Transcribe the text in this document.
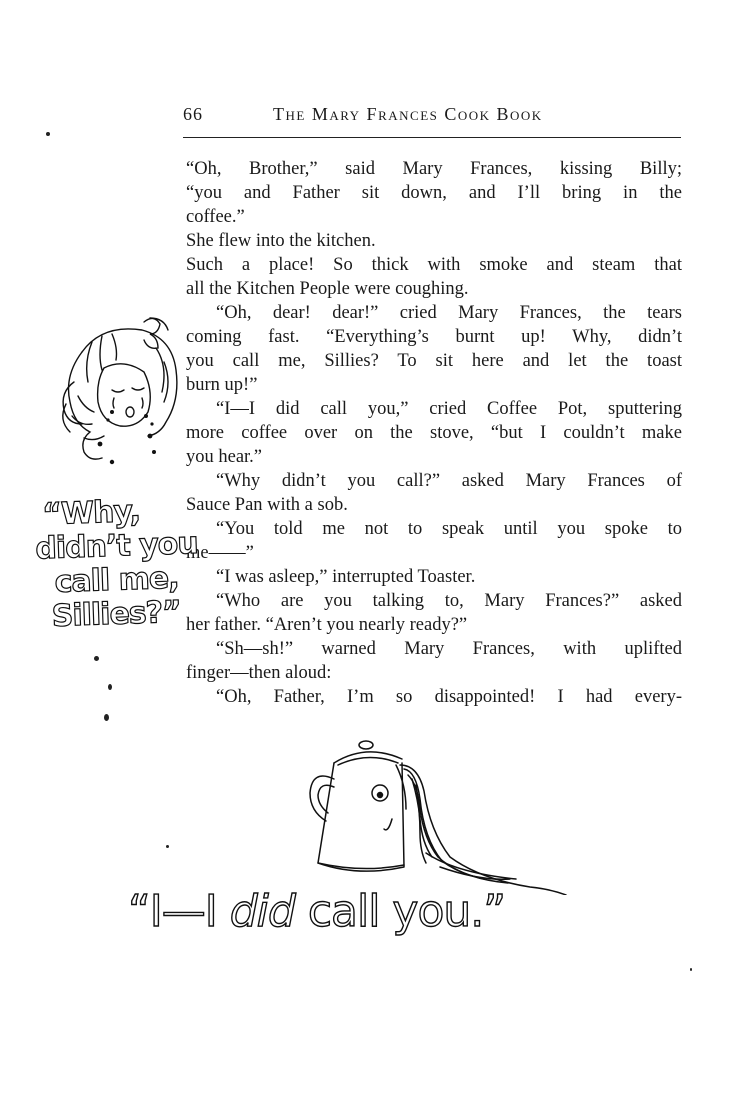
66	The Mary Frances Cook Book
“Oh, Brother,” said Mary Frances, kissing Billy;
“you and Father sit down, and I’ll bring in the
coffee.”
She flew into the kitchen.
Such a place! So thick with smoke and steam that
all the Kitchen People were coughing.
“Oh, dear! dear!” cried Mary Frances, the tears
coming fast. “Everything’s burnt up! Why, didn’t
you call me, Sillies? To sit here and let the toast
burn up!”
“I—I did call you,” cried Coffee Pot, sputtering
more coffee over on the stove, “but I couldn’t make
you hear.”
“Why didn’t you call?” asked Mary Frances of
Sauce Pan with a sob.
“You told me not to speak until you spoke to
me——”
“I was asleep,” interrupted Toaster.
“Who are you talking to, Mary Frances?” asked
her father. “Aren’t you nearly ready?”
“Sh—sh!” warned Mary Frances, with uplifted
finger—then aloud:
“Oh, Father, I’m so disappointed! I had every-
“Why,
didn’t you
call me,
Sillies?”
“I—I did call you.”
